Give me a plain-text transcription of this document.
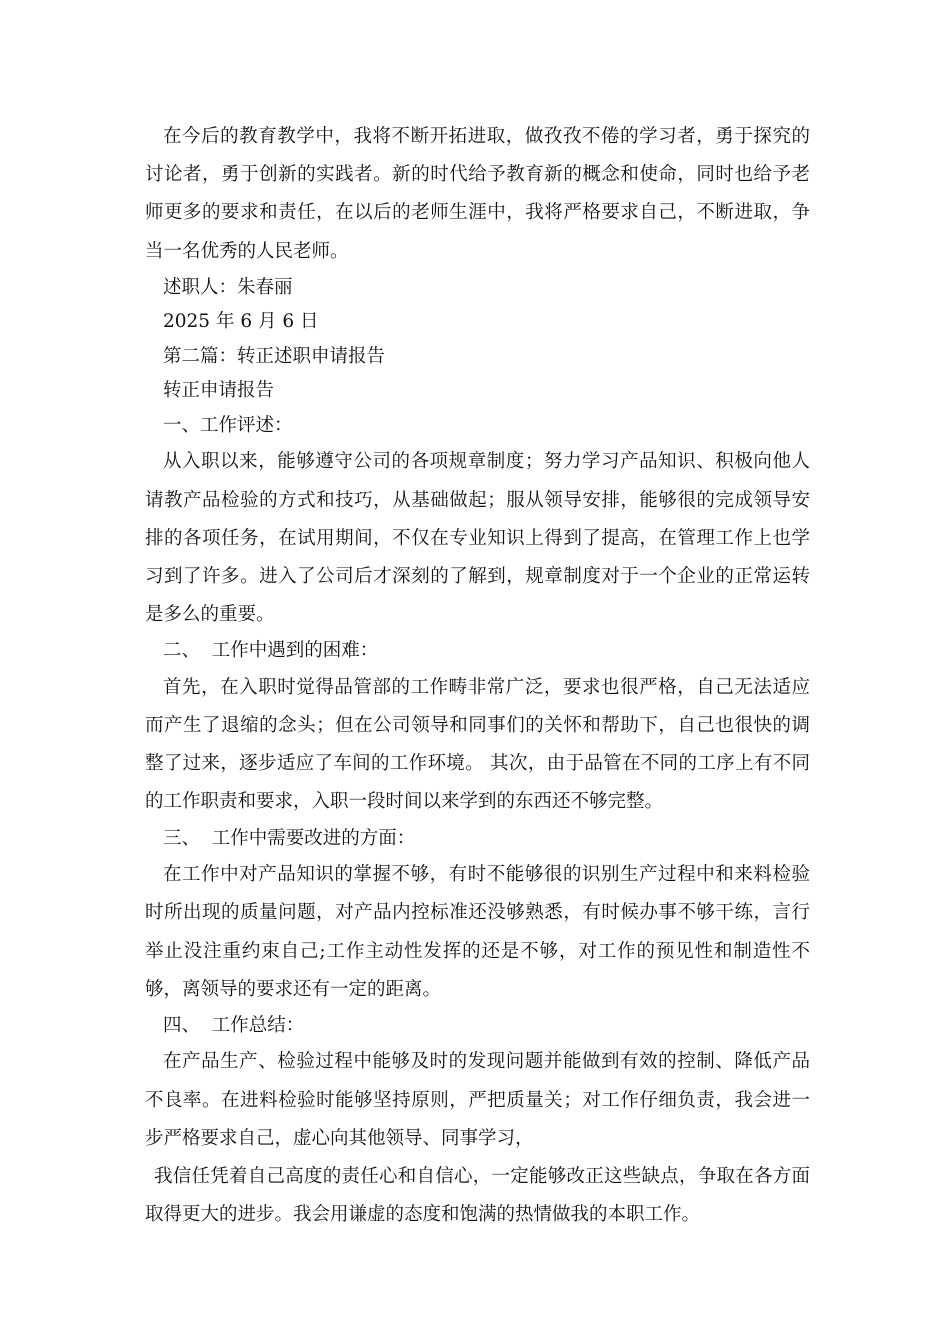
在今后的教育教学中，我将不断开拓进取，做孜孜不倦的学习者，勇于探究的讨论者，勇于创新的实践者。新的时代给予教育新的概念和使命，同时也给予老师更多的要求和责任，在以后的老师生涯中，我将严格要求自己，不断进取，争当一名优秀的人民老师。

述职人：朱春丽

2025 年 6 月 6 日

第二篇：转正述职申请报告

转正申请报告

一、工作评述：

从入职以来，能够遵守公司的各项规章制度；努力学习产品知识、积极向他人请教产品检验的方式和技巧，从基础做起；服从领导安排，能够很的完成领导安排的各项任务，在试用期间，不仅在专业知识上得到了提高，在管理工作上也学习到了许多。进入了公司后才深刻的了解到，规章制度对于一个企业的正常运转是多么的重要。

二、  工作中遇到的困难：

首先，在入职时觉得品管部的工作畴非常广泛，要求也很严格，自己无法适应而产生了退缩的念头；但在公司领导和同事们的关怀和帮助下，自己也很快的调整了过来，逐步适应了车间的工作环境。 其次，由于品管在不同的工序上有不同的工作职责和要求，入职一段时间以来学到的东西还不够完整。

三、  工作中需要改进的方面：

在工作中对产品知识的掌握不够，有时不能够很的识别生产过程中和来料检验时所出现的质量问题，对产品内控标准还没够熟悉，有时候办事不够干练，言行举止没注重约束自己;工作主动性发挥的还是不够，对工作的预见性和制造性不够，离领导的要求还有一定的距离。

四、  工作总结：

在产品生产、检验过程中能够及时的发现问题并能做到有效的控制、降低产品不良率。在进料检验时能够坚持原则，严把质量关；对工作仔细负责，我会进一步严格要求自己，虚心向其他领导、同事学习，

我信任凭着自己高度的责任心和自信心，一定能够改正这些缺点，争取在各方面取得更大的进步。我会用谦虚的态度和饱满的热情做我的本职工作。
